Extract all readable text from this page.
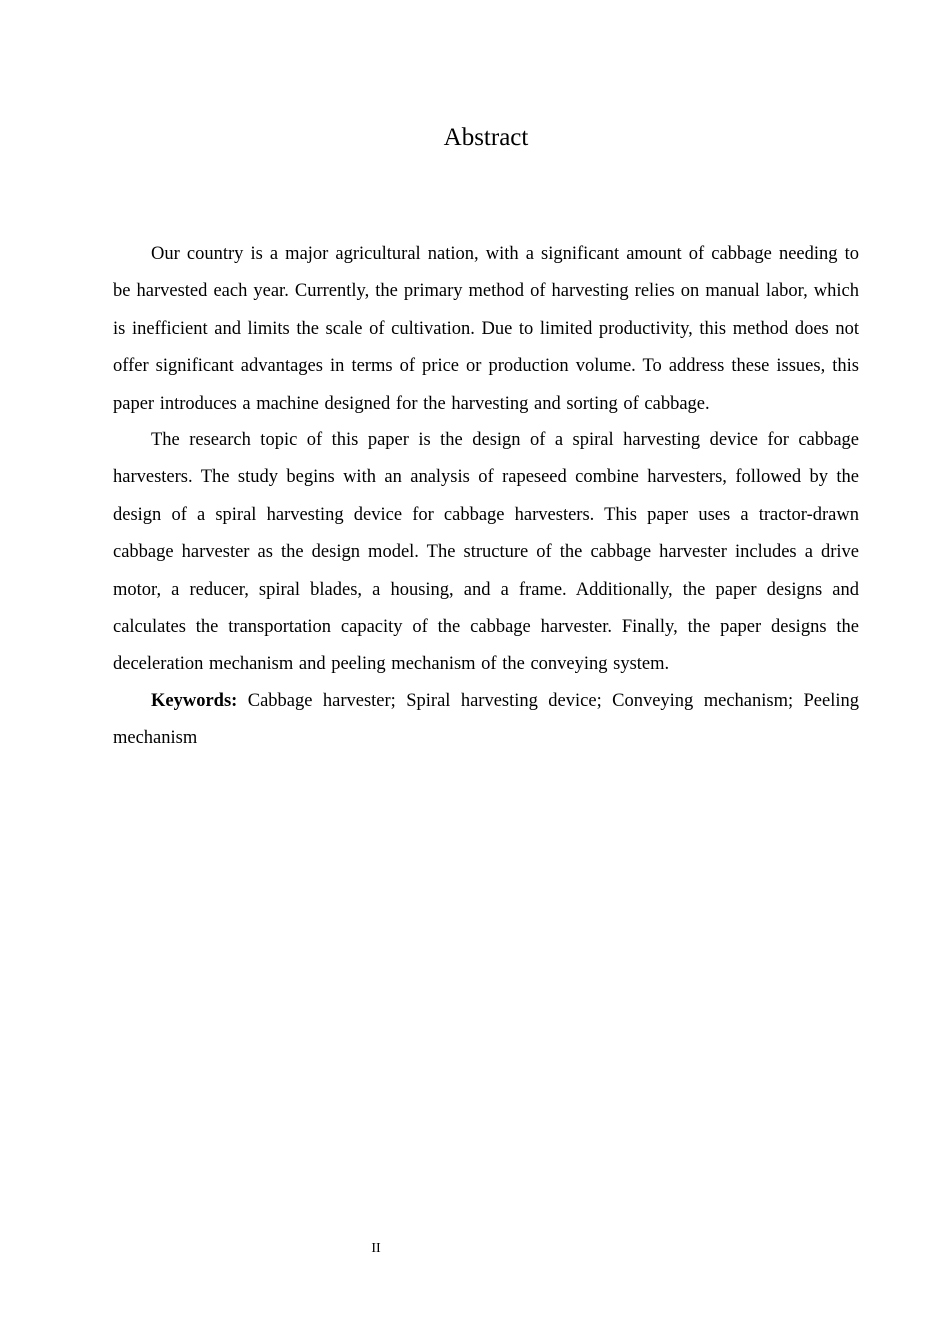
Abstract

Our country is a major agricultural nation, with a significant amount of cabbage needing to be harvested each year. Currently, the primary method of harvesting relies on manual labor, which is inefficient and limits the scale of cultivation. Due to limited productivity, this method does not offer significant advantages in terms of price or production volume. To address these issues, this paper introduces a machine designed for the harvesting and sorting of cabbage.

The research topic of this paper is the design of a spiral harvesting device for cabbage harvesters. The study begins with an analysis of rapeseed combine harvesters, followed by the design of a spiral harvesting device for cabbage harvesters. This paper uses a tractor-drawn cabbage harvester as the design model. The structure of the cabbage harvester includes a drive motor, a reducer, spiral blades, a housing, and a frame. Additionally, the paper designs and calculates the transportation capacity of the cabbage harvester. Finally, the paper designs the deceleration mechanism and peeling mechanism of the conveying system.

Keywords: Cabbage harvester; Spiral harvesting device; Conveying mechanism; Peeling mechanism

II
